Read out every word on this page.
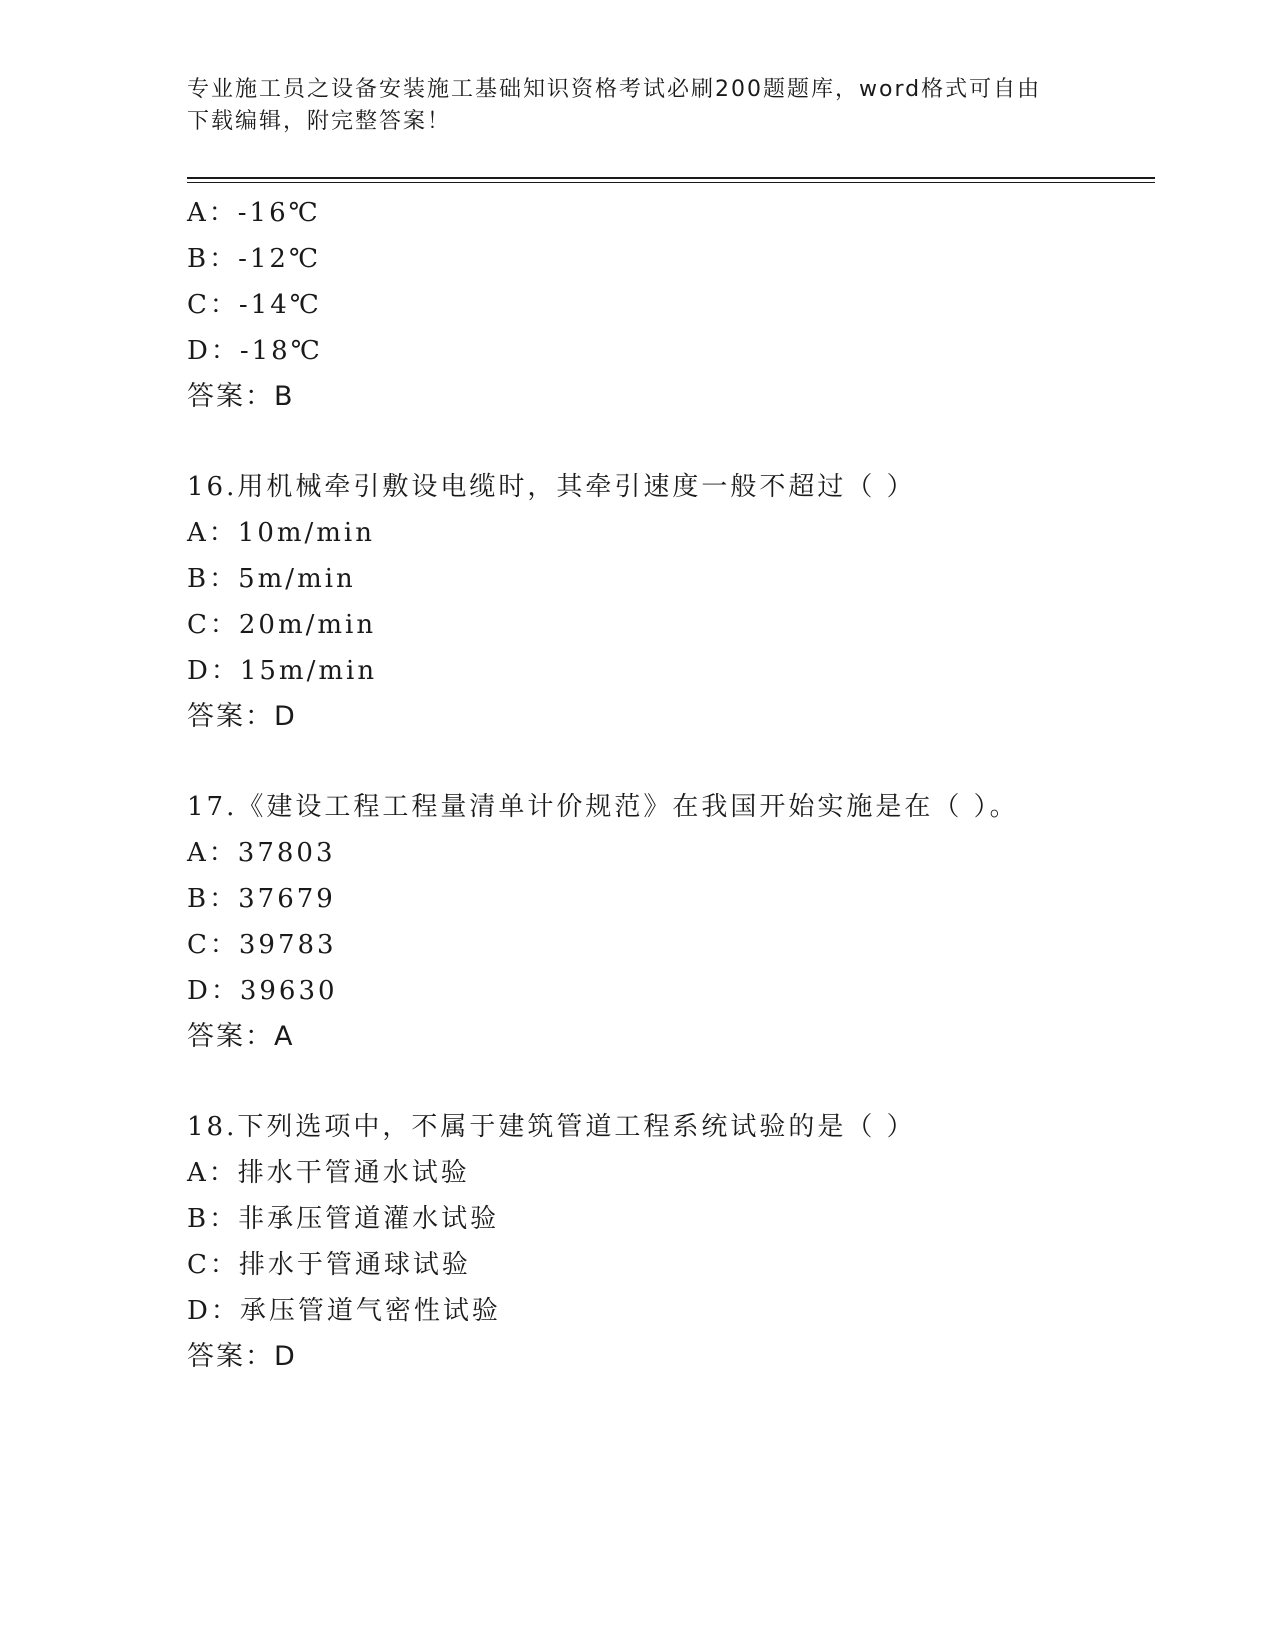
专业施工员之设备安装施工基础知识资格考试必刷200题题库，word格式可自由
下载编辑，附完整答案！
A：-16℃
B：-12℃
C：-14℃
D：-18℃
答案：B
16.用机械牵引敷设电缆时，其牵引速度一般不超过（ ）
A：10m/min
B：5m/min
C：20m/min
D：15m/min
答案：D
17.《建设工程工程量清单计价规范》在我国开始实施是在（ ）。
A：37803
B：37679
C：39783
D：39630
答案：A
18.下列选项中，不属于建筑管道工程系统试验的是（ ）
A：排水干管通水试验
B：非承压管道灌水试验
C：排水于管通球试验
D：承压管道气密性试验
答案：D
